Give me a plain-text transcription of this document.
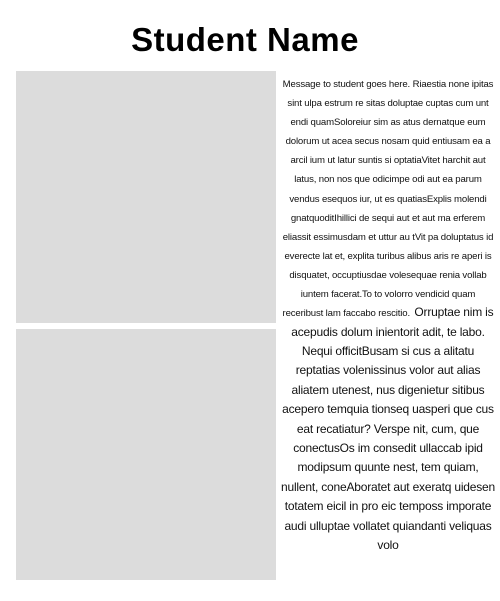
Student Name
Message to student goes here. Riaestia none ipitas sint ulpa estrum re sitas doluptae cuptas cum unt endi quamSoloreiur sim as atus dernatque eum dolorum ut acea secus nosam quid entiusam ea a arcil ium ut latur suntis si optatiaVitet harchit aut latus, non nos que odicimpe odi aut ea parum vendus esequos iur, ut es quatiasExplis molendi gnatquoditIhillici de sequi aut et aut ma erferem eliassit essimusdam et uttur au tVit pa doluptatus id everecte lat et, explita turibus alibus aris re aperi is disquatet, occuptiusdae volesequae renia vollab iuntem facerat.To to volorro vendicid quam receribust lam faccabo rescitio. Orruptae nim is acepudis dolum inientorit adit, te labo. Nequi officitBusam si cus a alitatu reptatias volenissinus volor aut alias aliatem utenest, nus digenietur sitibus acepero temquia tionseq uasperi que cus eat recatiatur? Verspe nit, cum, que conectusOs im consedit ullaccab ipid modipsum quunte nest, tem quiam, nullent, coneAboratet aut exeratq uidesen totatem eicil in pro eic temposs imporate audi ulluptae vollatet quiandanti veliquas volo
